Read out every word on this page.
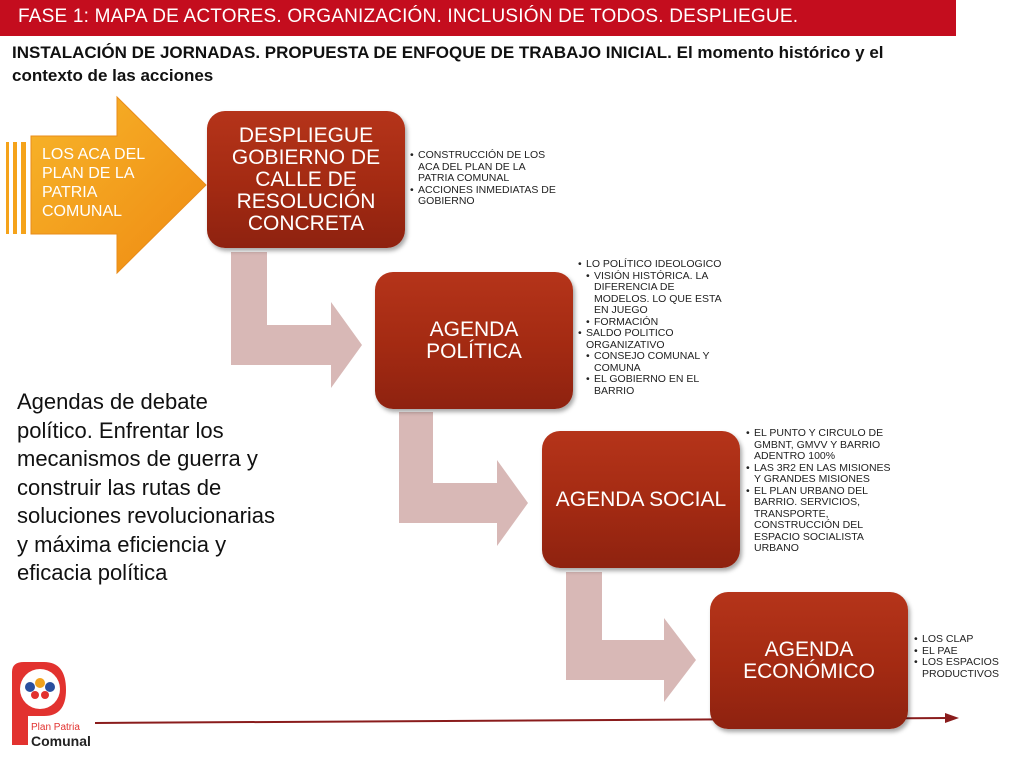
FASE 1: MAPA DE ACTORES. ORGANIZACIÓN. INCLUSIÓN DE TODOS. DESPLIEGUE.
INSTALACIÓN DE JORNADAS. PROPUESTA DE ENFOQUE DE TRABAJO INICIAL. El momento histórico y el contexto de las acciones
LOS ACA DEL
PLAN DE LA
PATRIA
COMUNAL
DESPLIEGUE
GOBIERNO DE
CALLE DE
RESOLUCIÓN
CONCRETA
• CONSTRUCCIÓN DE LOS ACA DEL PLAN DE LA PATRIA COMUNAL
• ACCIONES INMEDIATAS DE GOBIERNO
AGENDA
POLÍTICA
• LO POLÍTICO IDEOLOGICO
• VISIÓN HISTÓRICA. LA DIFERENCIA DE MODELOS. LO QUE ESTA EN JUEGO
• FORMACIÓN
• SALDO POLITICO ORGANIZATIVO
• CONSEJO COMUNAL Y COMUNA
• EL GOBIERNO EN EL BARRIO
AGENDA SOCIAL
• EL PUNTO Y CIRCULO DE GMBNT, GMVV Y BARRIO ADENTRO 100%
• LAS 3R2 EN LAS MISIONES Y GRANDES MISIONES
• EL PLAN URBANO DEL BARRIO. SERVICIOS, TRANSPORTE, CONSTRUCCIÓN DEL ESPACIO SOCIALISTA URBANO
AGENDA
ECONÓMICO
• LOS CLAP
• EL PAE
• LOS ESPACIOS PRODUCTIVOS
Agendas de debate político. Enfrentar los mecanismos de guerra y construir las rutas de soluciones revolucionarias y máxima eficiencia y eficacia política
Plan Patria
Comunal
